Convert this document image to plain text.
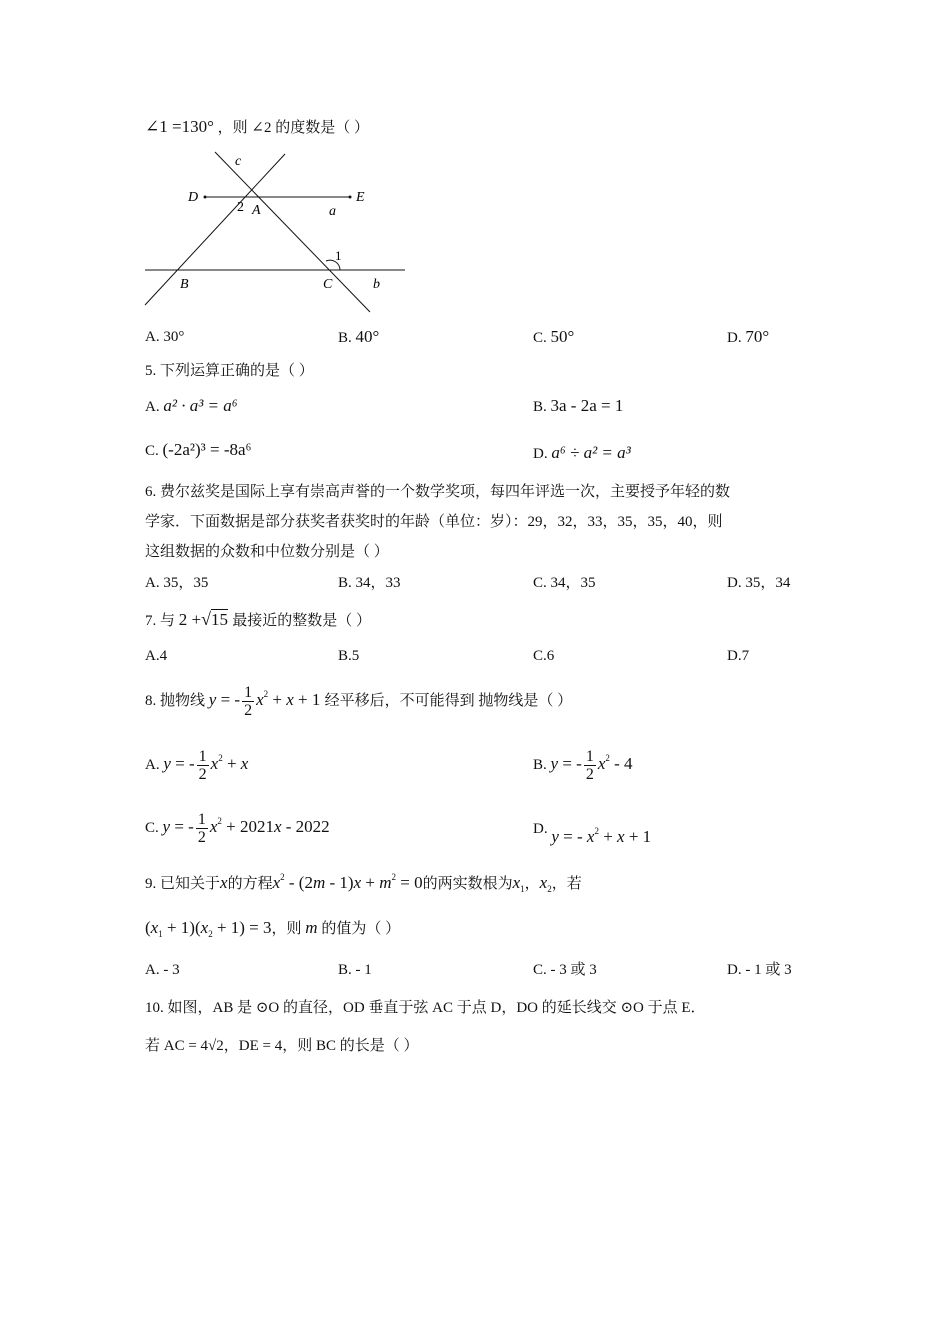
∠1 =130° ，则 ∠2 的度数是（ ）
c
D	E
2 A	a
1
B	C	b
A. 30°	B. 40°	C. 50°	D. 70°
5. 下列运算正确的是（ ）
A. a² · a³ = a⁶	B. 3a - 2a = 1
C. (-2a²)³ = -8a⁶	D. a⁶ ÷ a² = a³
6. 费尔兹奖是国际上享有崇高声誉的一个数学奖项，每四年评选一次，主要授予年轻的数
学家．下面数据是部分获奖者获奖时的年龄（单位：岁）：29，32，33，35，35，40，则
这组数据的众数和中位数分别是（ ）
A. 35，35	B. 34，33	C. 34，35	D. 35，34
7. 与 2 +√15 最接近的整数是（ ）
A.4	B.5	C.6	D.7
8. 抛物线 y = - $\frac{1}{2} x^2 + x + 1$ 经平移后，不可能得到 抛物线是（ ）
A. y = - $\frac{1}{2} x^2 + x$	B. y = - $\frac{1}{2} x^2 - 4$
C. y = - $\frac{1}{2} x^2 + 2021x - 2022$	D. y = - $x^2 + x + 1$
9. 已知关于x的方程$x^2 - (2m - 1)x + m^2 = 0$的两实数根为$x_1$，$x_2$，若
$(x_1 + 1)(x_2 + 1) = 3$，则 m 的值为（ ）
A. - 3	B. - 1	C. - 3 或 3	D. - 1 或 3
10. 如图，AB 是 ⊙O 的直径，OD 垂直于弦 AC 于点 D，DO 的延长线交 ⊙O 于点 E．
若 AC = 4√2，DE = 4，则 BC 的长是（ ）
